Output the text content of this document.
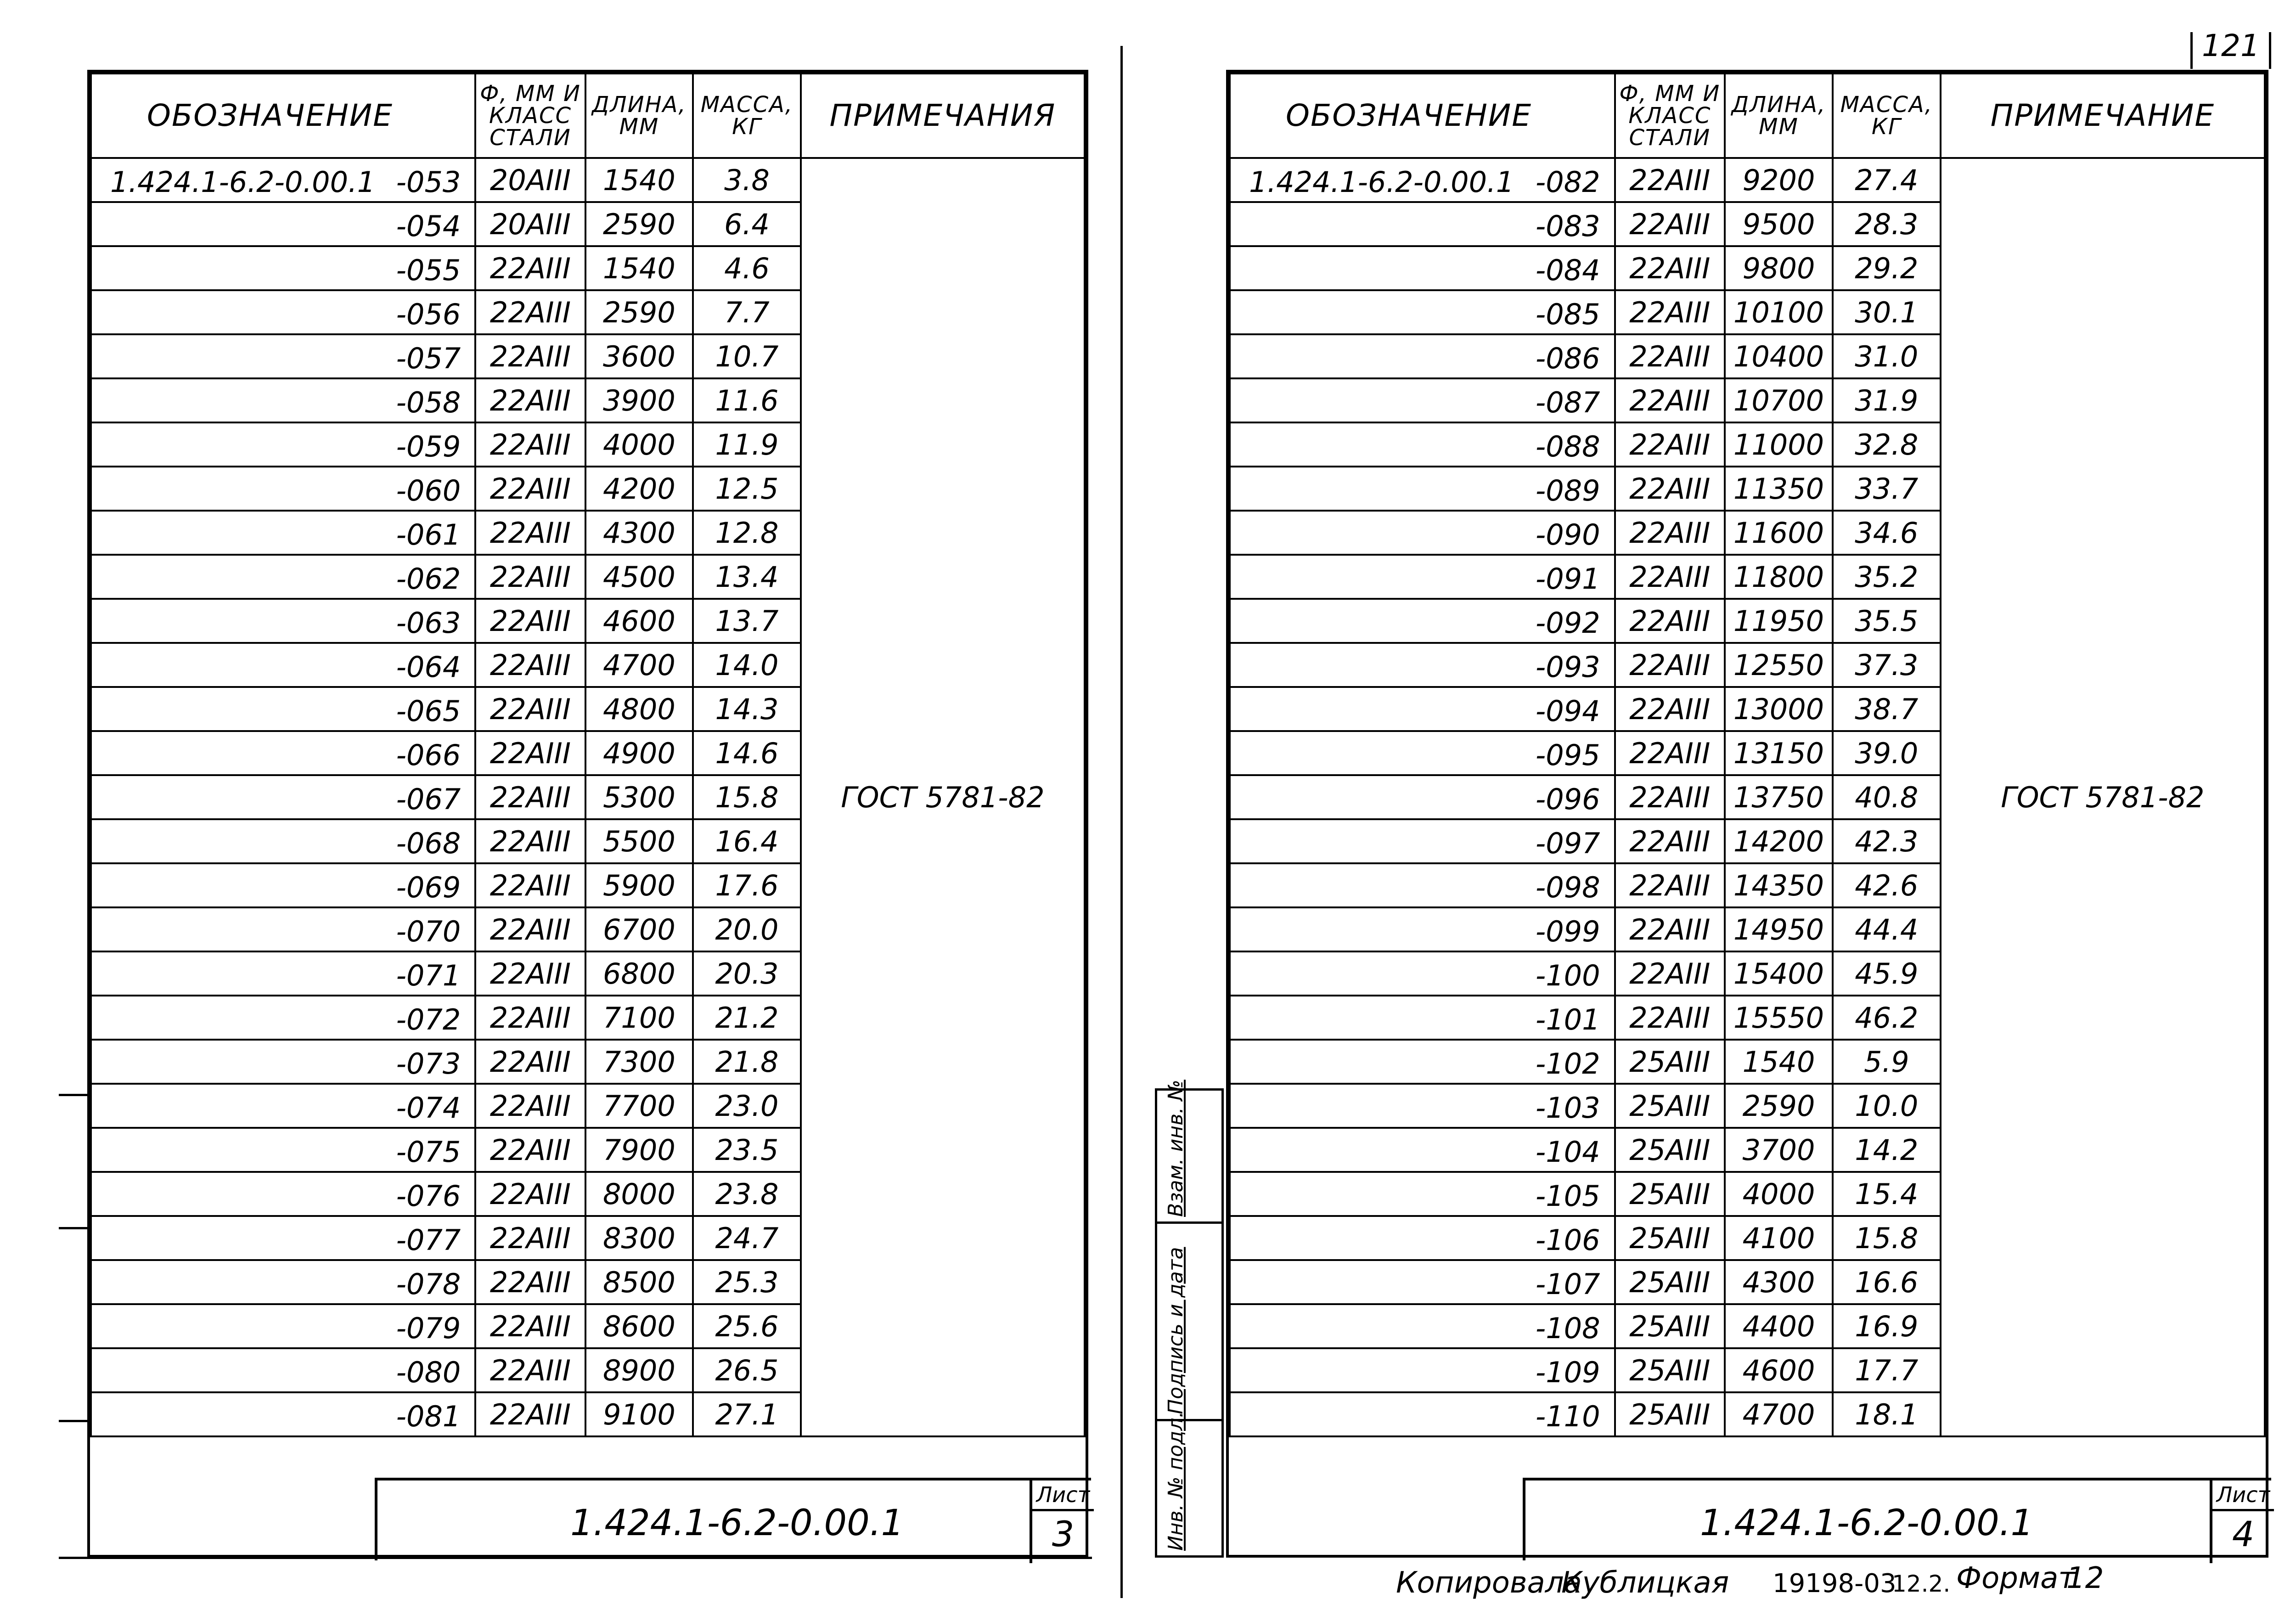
121
ОБОЗНАЧЕНИЕ	Ф, ММ И КЛАСС СТАЛИ	ДЛИНА, ММ	МАССА, КГ	ПРИМЕЧАНИЯ

1.424.1-6.2-0.00.1 -053	20АIII	1540	3.8	ГОСТ 5781-82

-054	20АIII	2590	6.4	

-055	22АIII	1540	4.6	

-056	22АIII	2590	7.7	

-057	22АIII	3600	10.7	

-058	22АIII	3900	11.6	

-059	22АIII	4000	11.9	

-060	22АIII	4200	12.5	

-061	22АIII	4300	12.8	

-062	22АIII	4500	13.4	

-063	22АIII	4600	13.7	

-064	22АIII	4700	14.0	

-065	22АIII	4800	14.3	

-066	22АIII	4900	14.6	

-067	22АIII	5300	15.8	

-068	22АIII	5500	16.4	

-069	22АIII	5900	17.6	

-070	22АIII	6700	20.0	

-071	22АIII	6800	20.3	

-072	22АIII	7100	21.2	

-073	22АIII	7300	21.8	

-074	22АIII	7700	23.0	

-075	22АIII	7900	23.5	

-076	22АIII	8000	23.8	

-077	22АIII	8300	24.7	

-078	22АIII	8500	25.3	

-079	22АIII	8600	25.6	

-080	22АIII	8900	26.5	

-081	22АIII	9100	27.1	
1.424.1-6.2-0.00.1
Лист
3
Взам. инв. №
Подпись и дата
Инв. № подл.
ОБОЗНАЧЕНИЕ	Ф, ММ И КЛАСС СТАЛИ	ДЛИНА, ММ	МАССА, КГ	ПРИМЕЧАНИЕ

1.424.1-6.2-0.00.1 -082	22АIII	9200	27.4	ГОСТ 5781-82

-083	22АIII	9500	28.3	

-084	22АIII	9800	29.2	

-085	22АIII	10100	30.1	

-086	22АIII	10400	31.0	

-087	22АIII	10700	31.9	

-088	22АIII	11000	32.8	

-089	22АIII	11350	33.7	

-090	22АIII	11600	34.6	

-091	22АIII	11800	35.2	

-092	22АIII	11950	35.5	

-093	22АIII	12550	37.3	

-094	22АIII	13000	38.7	

-095	22АIII	13150	39.0	

-096	22АIII	13750	40.8	

-097	22АIII	14200	42.3	

-098	22АIII	14350	42.6	

-099	22АIII	14950	44.4	

-100	22АIII	15400	45.9	

-101	22АIII	15550	46.2	

-102	25АIII	1540	5.9	

-103	25АIII	2590	10.0	

-104	25АIII	3700	14.2	

-105	25АIII	4000	15.4	

-106	25АIII	4100	15.8	

-107	25АIII	4300	16.6	

-108	25АIII	4400	16.9	

-109	25АIII	4600	17.7	

-110	25АIII	4700	18.1	
1.424.1-6.2-0.00.1
Лист
4
Копировала
Кублицкая 19198-03
12.2. Формат
12
